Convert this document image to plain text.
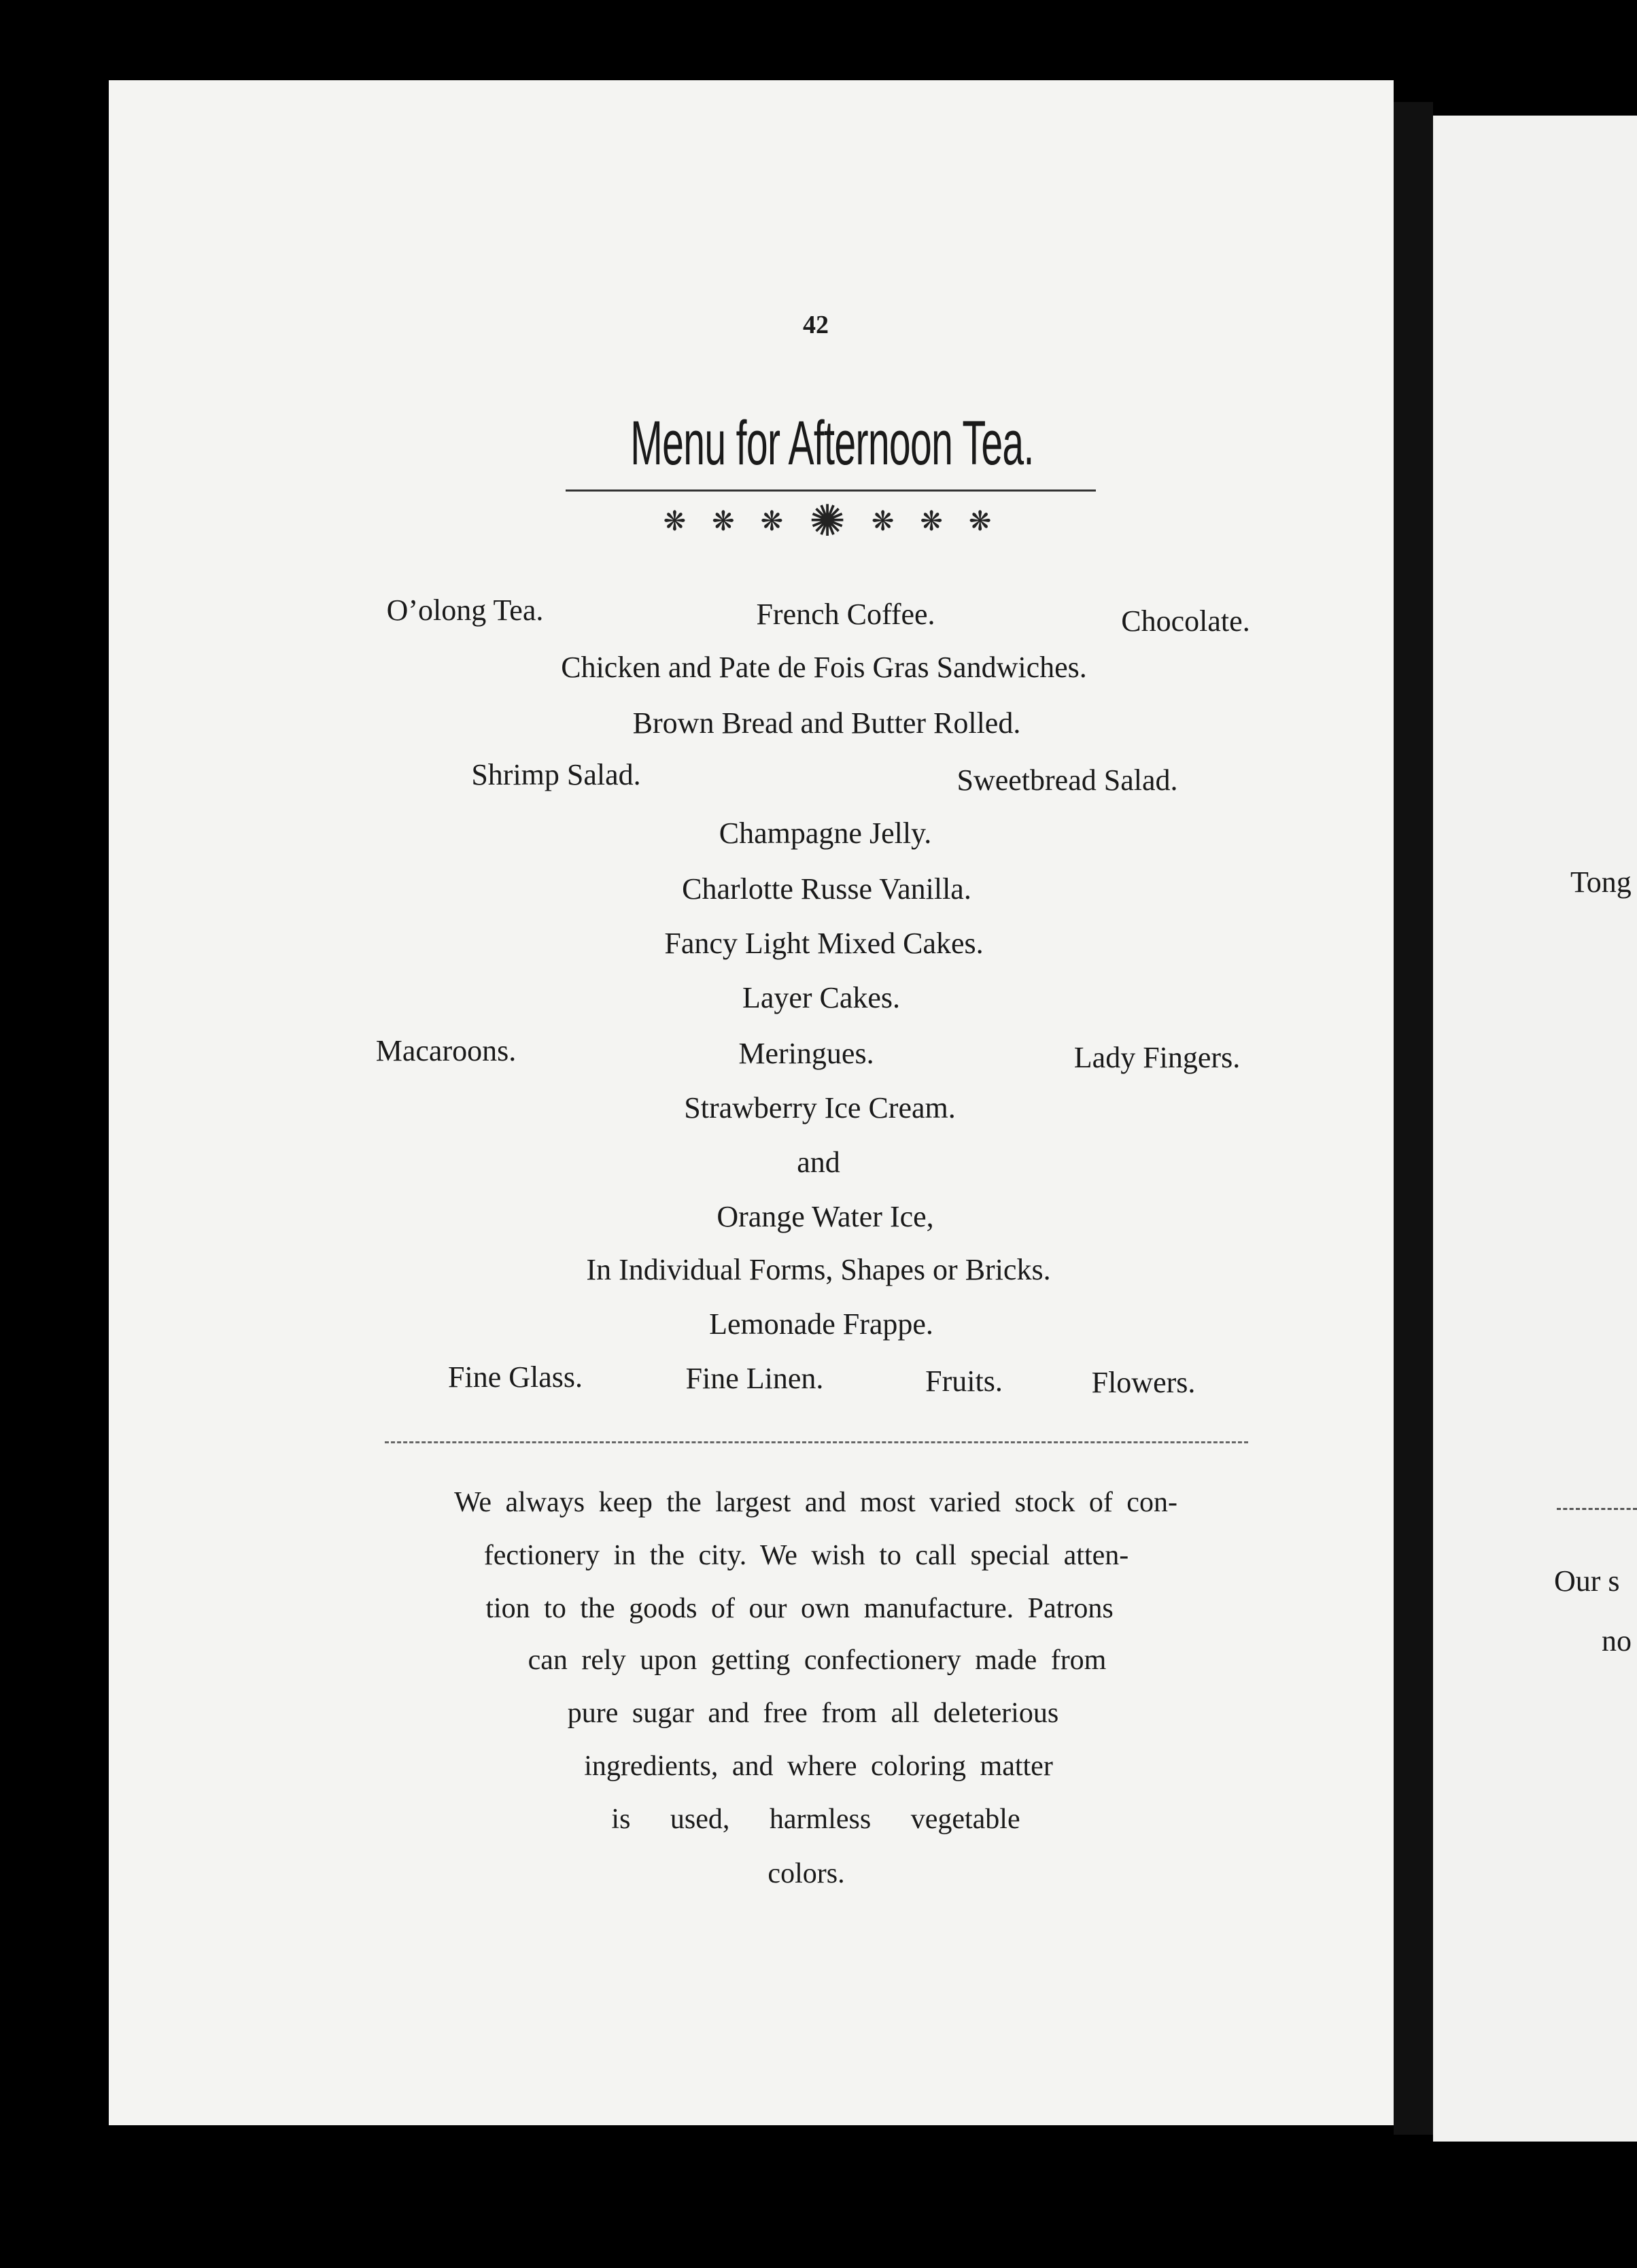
Tong
Our s
no
42
Menu for Afternoon Tea.
❋ ❋ ❋ ✺ ❋ ❋ ❋
O’olong Tea.	French Coffee.	Chocolate.
Chicken and Pate de Fois Gras Sandwiches.
Brown Bread and Butter Rolled.
Shrimp Salad.	Sweetbread Salad.
Champagne Jelly.
Charlotte Russe Vanilla.
Fancy Light Mixed Cakes.
Layer Cakes.
Macaroons.	Meringues.	Lady Fingers.
Strawberry Ice Cream.
and
Orange Water Ice,
In Individual Forms, Shapes or Bricks.
Lemonade Frappe.
Fine Glass.	Fine Linen.	Fruits.	Flowers.
We always keep the largest and most varied stock of con-
fectionery in the city. We wish to call special atten-
tion to the goods of our own manufacture. Patrons
can rely upon getting confectionery made from
pure sugar and free from all deleterious
ingredients, and where coloring matter
is used, harmless vegetable
colors.
